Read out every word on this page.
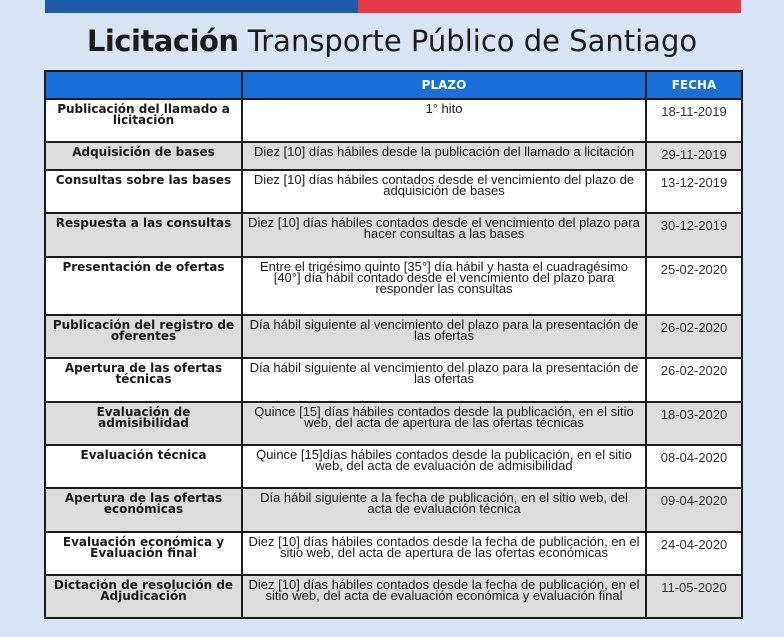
Licitación Transporte Público de Santiago
	PLAZO	FECHA
Publicación del llamado a licitación	1° hito	18-11-2019
Adquisición de bases	Diez [10] días hábiles desde la publicación del llamado a licitación	29-11-2019
Consultas sobre las bases	Diez [10] días hábiles contados desde el vencimiento del plazo de adquisición de bases	13-12-2019
Respuesta a las consultas	Diez [10] días hábiles contados desde el vencimiento del plazo para hacer consultas a las bases	30-12-2019
Presentación de ofertas	Entre el trigésimo quinto [35°] día hábil y hasta el cuadragésimo [40°] día hábil contado desde el vencimiento del plazo para responder las consultas	25-02-2020
Publicación del registro de oferentes	Día hábil siguiente al vencimiento del plazo para la presentación de las ofertas	26-02-2020
Apertura de las ofertas técnicas	Día hábil siguiente al vencimiento del plazo para la presentación de las ofertas	26-02-2020
Evaluación de admisibilidad	Quince [15] días hábiles contados desde la publicación, en el sitio web, del acta de apertura de las ofertas técnicas	18-03-2020
Evaluación técnica	Quince [15]días hábiles contados desde la publicación, en el sitio web, del acta de evaluación de admisibilidad	08-04-2020
Apertura de las ofertas económicas	Día hábil siguiente a la fecha de publicación, en el sitio web, del acta de evaluación técnica	09-04-2020
Evaluación económica y Evaluación final	Diez [10] días hábiles contados desde la fecha de publicación, en el sitio web, del acta de apertura de las ofertas económicas	24-04-2020
Dictación de resolución de Adjudicación	Diez [10] días hábiles contados desde la fecha de publicación, en el sitio web, del acta de evaluación económica y evaluación final	11-05-2020
